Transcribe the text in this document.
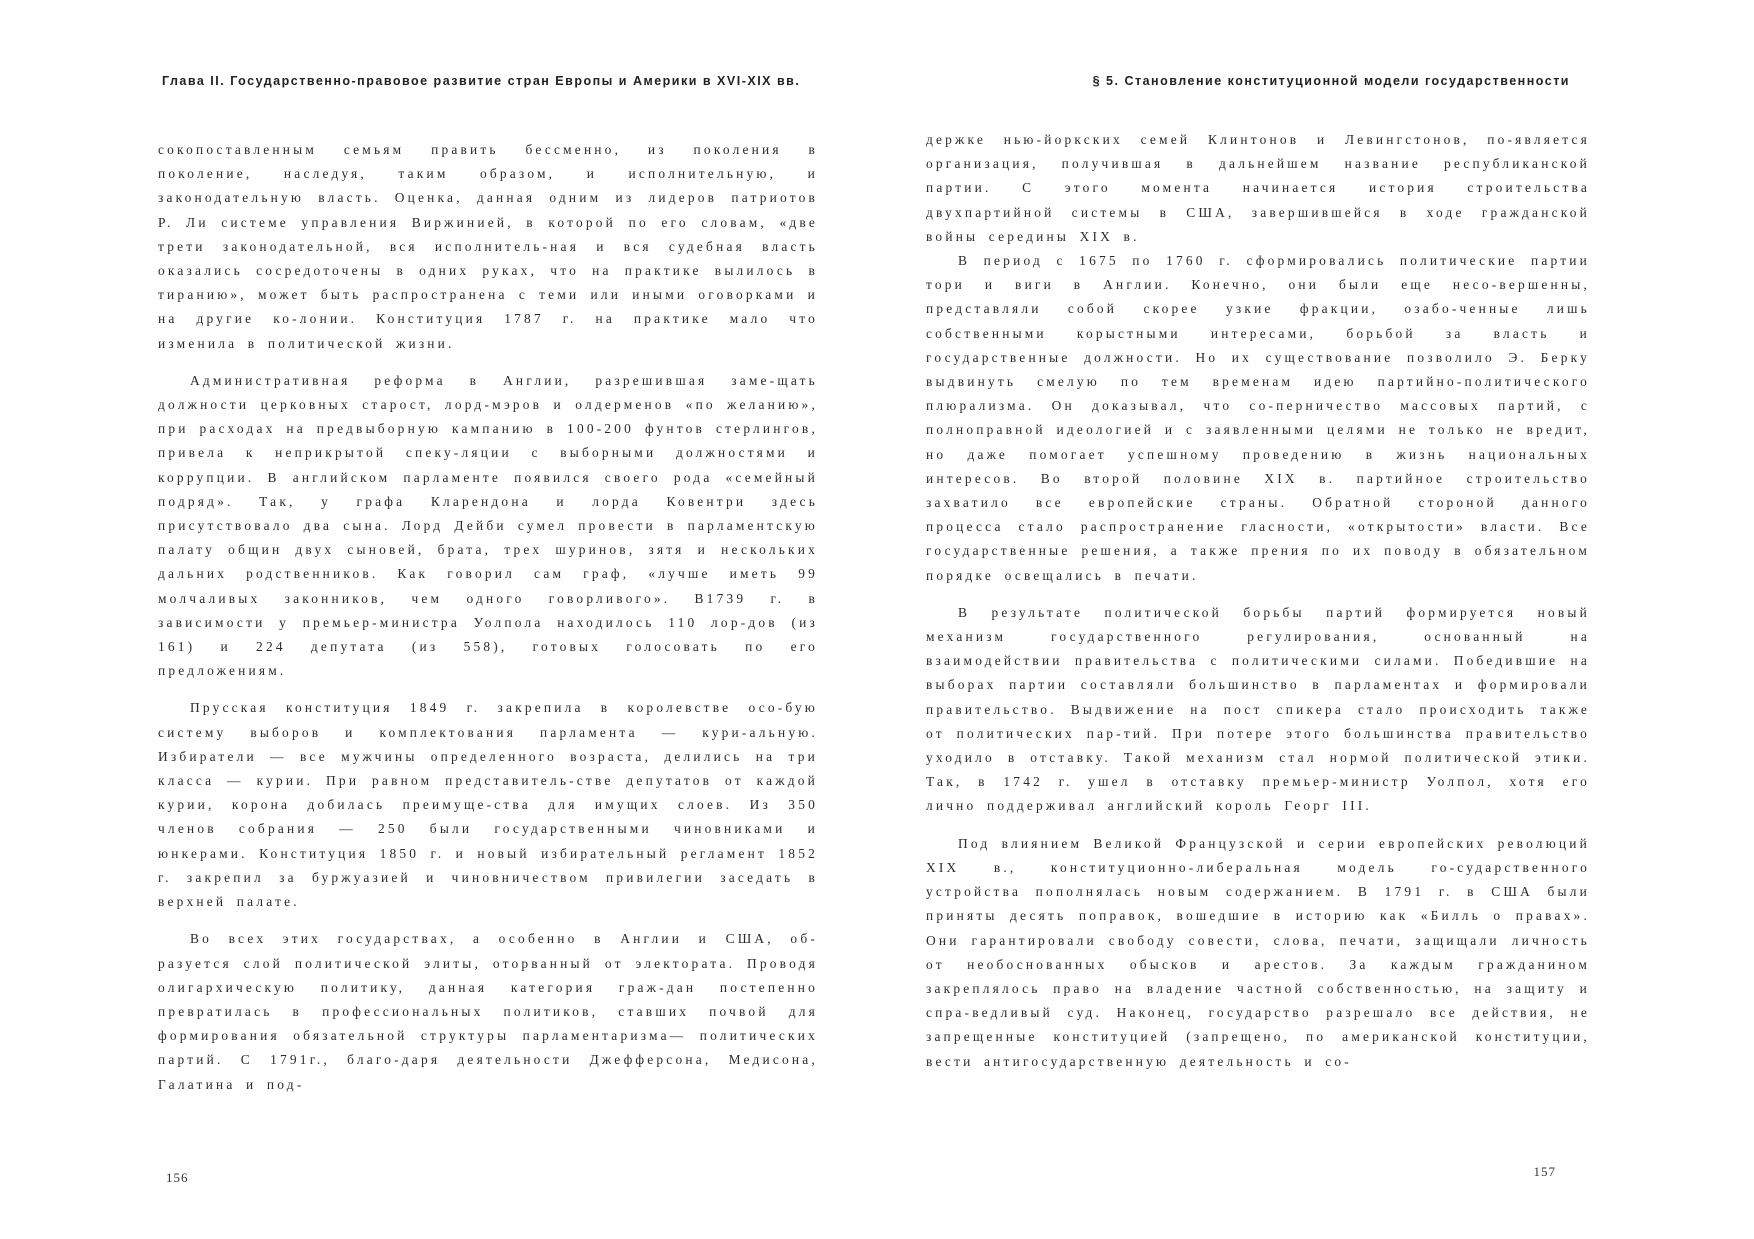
Глава II. Государственно-правовое развитие стран Европы и Америки в XVI-XIX вв.

сокопоставленным семьям править бессменно, из поколения в поколение, наследуя, таким образом, и исполнительную, и законодательную власть. Оценка, данная одним из лидеров патриотов Р. Ли системе управления Виржинией, в которой по его словам, «две трети законодательной, вся исполнитель-ная и вся судебная власть оказались сосредоточены в одних руках, что на практике вылилось в тиранию», может быть распространена с теми или иными оговорками и на другие ко-лонии. Конституция 1787 г. на практике мало что изменила в политической жизни.

Административная реформа в Англии, разрешившая заме-щать должности церковных старост, лорд-мэров и олдерменов «по желанию», при расходах на предвыборную кампанию в 100-200 фунтов стерлингов, привела к неприкрытой спеку-ляции с выборными должностями и коррупции. В английском парламенте появился своего рода «семейный подряд». Так, у графа Кларендона и лорда Ковентри здесь присутствовало два сына. Лорд Дейби сумел провести в парламентскую палату общин двух сыновей, брата, трех шуринов, зятя и нескольких дальних родственников. Как говорил сам граф, «лучше иметь 99 молчаливых законников, чем одного говорливого». В1739 г. в зависимости у премьер-министра Уолпола находилось 110 лор-дов (из 161) и 224 депутата (из 558), готовых голосовать по его предложениям.

Прусская конституция 1849 г. закрепила в королевстве осо-бую систему выборов и комплектования парламента — кури-альную. Избиратели — все мужчины определенного возраста, делились на три класса — курии. При равном представитель-стве депутатов от каждой курии, корона добилась преимуще-ства для имущих слоев. Из 350 членов собрания — 250 были государственными чиновниками и юнкерами. Конституция 1850 г. и новый избирательный регламент 1852 г. закрепил за буржуазией и чиновничеством привилегии заседать в верхней палате.

Во всех этих государствах, а особенно в Англии и США, об-разуется слой политической элиты, оторванный от электората. Проводя олигархическую политику, данная категория граж-дан постепенно превратилась в профессиональных политиков, ставших почвой для формирования обязательной структуры парламентаризма— политических партий. С 1791г., благо-даря деятельности Джефферсона, Медисона, Галатина и под-

156
§ 5. Становление конституционной модели государственности

держке нью-йоркских семей Клинтонов и Левингстонов, по-является организация, получившая в дальнейшем название республиканской партии. С этого момента начинается история строительства двухпартийной системы в США, завершившейся в ходе гражданской войны середины XIX в.

В период с 1675 по 1760 г. сформировались политические партии тори и виги в Англии. Конечно, они были еще несо-вершенны, представляли собой скорее узкие фракции, озабо-ченные лишь собственными корыстными интересами, борьбой за власть и государственные должности. Но их существование позволило Э. Берку выдвинуть смелую по тем временам идею партийно-политического плюрализма. Он доказывал, что со-перничество массовых партий, с полноправной идеологией и с заявленными целями не только не вредит, но даже помогает успешному проведению в жизнь национальных интересов. Во второй половине XIX в. партийное строительство захватило все европейские страны. Обратной стороной данного процесса стало распространение гласности, «открытости» власти. Все государственные решения, а также прения по их поводу в обязательном порядке освещались в печати.

В результате политической борьбы партий формируется новый механизм государственного регулирования, основанный на взаимодействии правительства с политическими силами. Победившие на выборах партии составляли большинство в парламентах и формировали правительство. Выдвижение на пост спикера стало происходить также от политических пар-тий. При потере этого большинства правительство уходило в отставку. Такой механизм стал нормой политической этики. Так, в 1742 г. ушел в отставку премьер-министр Уолпол, хотя его лично поддерживал английский король Георг III.

Под влиянием Великой Французской и серии европейских революций XIX в., конституционно-либеральная модель го-сударственного устройства пополнялась новым содержанием. В 1791 г. в США были приняты десять поправок, вошедшие в историю как «Билль о правах». Они гарантировали свободу совести, слова, печати, защищали личность от необоснованных обысков и арестов. За каждым гражданином закреплялось право на владение частной собственностью, на защиту и спра-ведливый суд. Наконец, государство разрешало все действия, не запрещенные конституцией (запрещено, по американской конституции, вести антигосударственную деятельность и со-

157
